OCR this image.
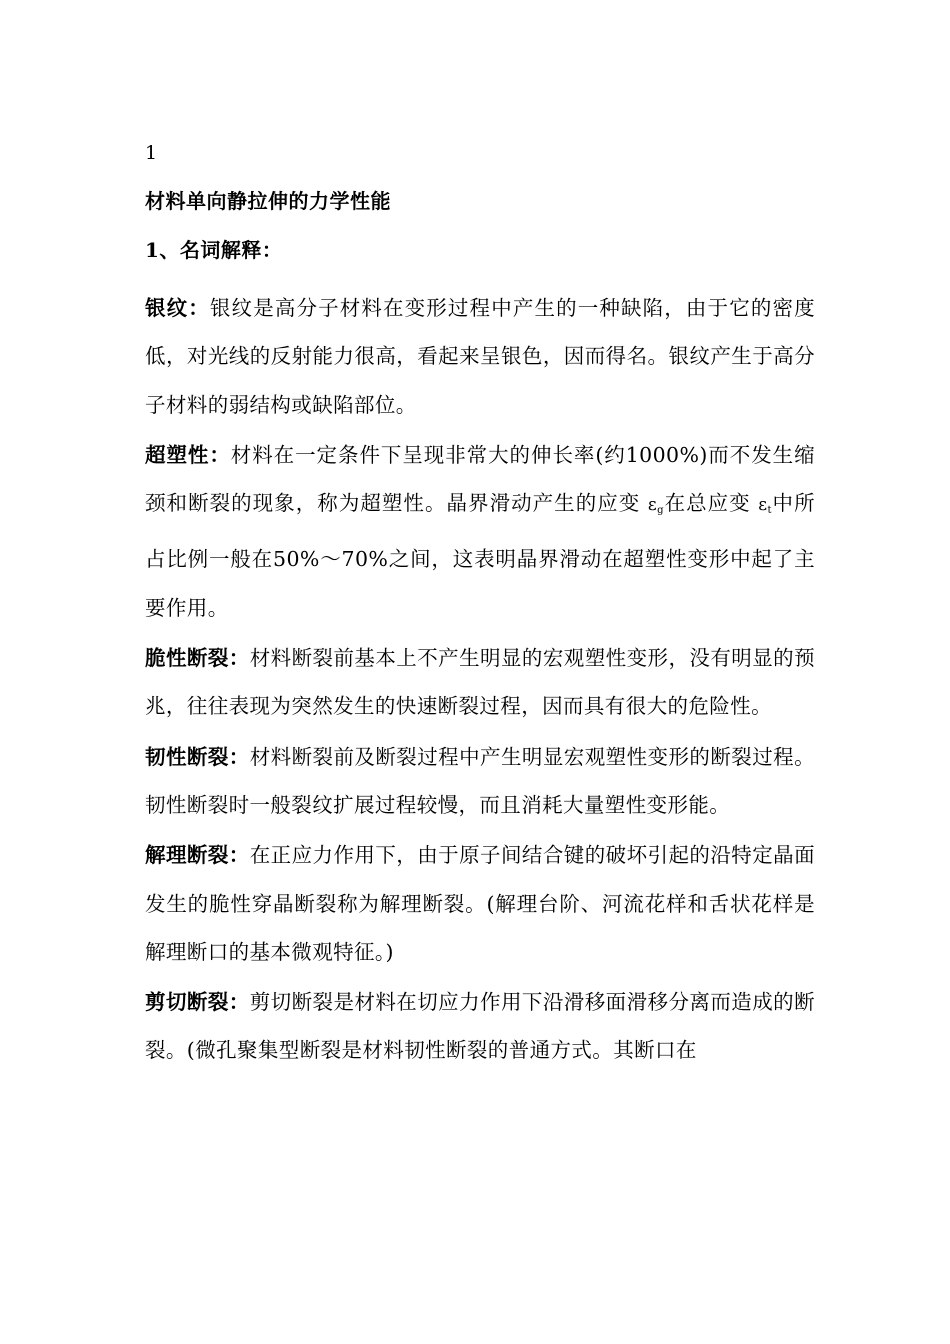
1
材料单向静拉伸的力学性能
1、名词解释：

银纹：银纹是高分子材料在变形过程中产生的一种缺陷，由于它的密度低，对光线的反射能力很高，看起来呈银色，因而得名。银纹产生于高分子材料的弱结构或缺陷部位。

超塑性：材料在一定条件下呈现非常大的伸长率(约1000%)而不发生缩颈和断裂的现象，称为超塑性。晶界滑动产生的应变 $\varepsilon_g$在总应变 $\varepsilon_t$中所占比例一般在50%～70%之间，这表明晶界滑动在超塑性变形中起了主要作用。

脆性断裂：材料断裂前基本上不产生明显的宏观塑性变形，没有明显的预兆，往往表现为突然发生的快速断裂过程，因而具有很大的危险性。

韧性断裂：材料断裂前及断裂过程中产生明显宏观塑性变形的断裂过程。韧性断裂时一般裂纹扩展过程较慢，而且消耗大量塑性变形能。

解理断裂：在正应力作用下，由于原子间结合键的破坏引起的沿特定晶面发生的脆性穿晶断裂称为解理断裂。(解理台阶、河流花样和舌状花样是解理断口的基本微观特征。)

剪切断裂：剪切断裂是材料在切应力作用下沿滑移面滑移分离而造成的断裂。(微孔聚集型断裂是材料韧性断裂的普通方式。其断口在
